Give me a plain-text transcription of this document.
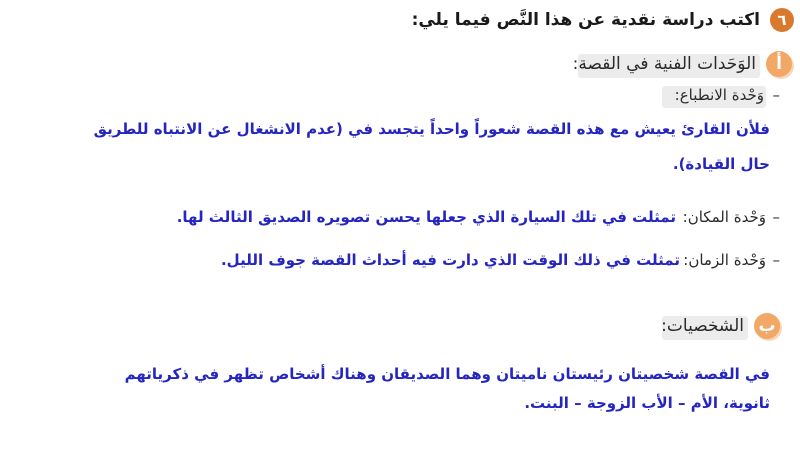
٦
اكتب دراسة نقدية عن هذا النَّص فيما يلي:
أ
الوَحَدات الفنية في القصة:
–
وَحْدة الانطباع:
فلأن القارئ يعيش مع هذه القصة شعوراً واحداً يتجسد في (عدم الانشغال عن الانتباه للطريق
حال القيادة).
–
وَحْدة المكان:
تمثلت في تلك السيارة الذي جعلها يحسن تصويره الصديق الثالث لها.
–
وَحْدة الزمان:
تمثلت في ذلك الوقت الذي دارت فيه أحداث القصة جوف الليل.
ب
الشخصيات:
في القصة شخصيتان رئيستان ناميتان وهما الصديقان وهناك أشخاص تظهر في ذكرياتهم
ثانوية، الأم – الأب الزوجة – البنت.
